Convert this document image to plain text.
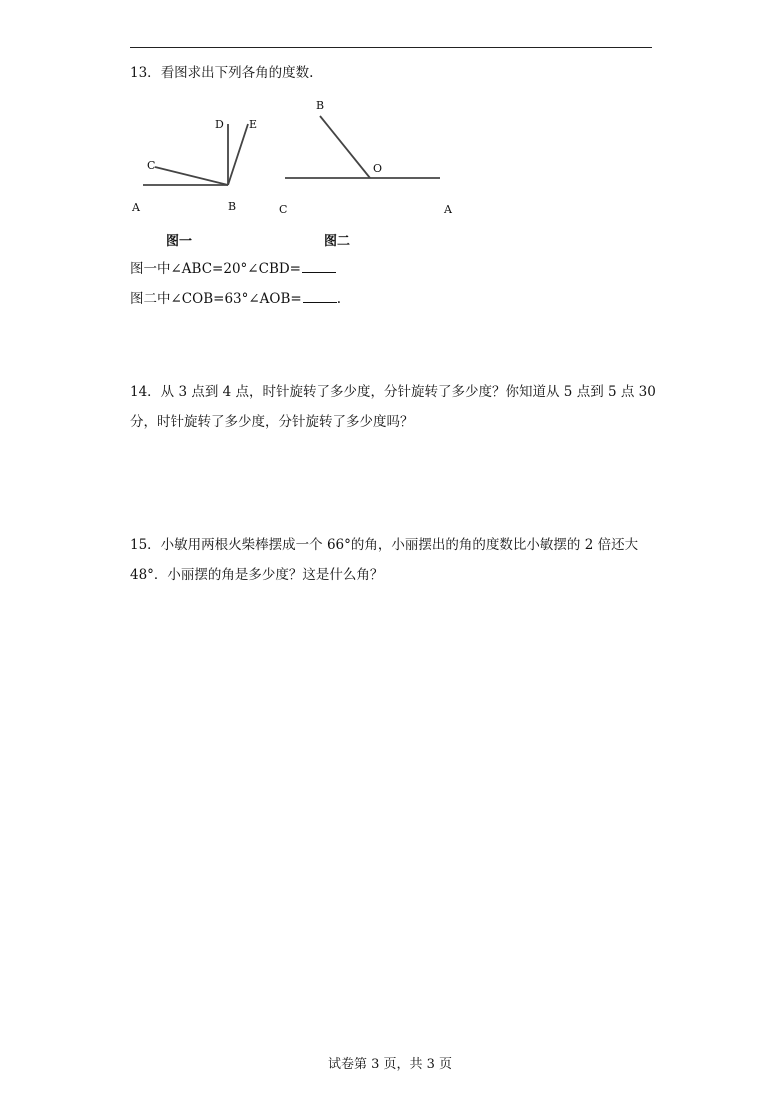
13．看图求出下列各角的度数.
D E
C
A	B
图一
B
O
C	A
图二
图一中∠ABC=20°∠CBD=
图二中∠COB=63°∠AOB=	.
14．从 3 点到 4 点，时针旋转了多少度，分针旋转了多少度？你知道从 5 点到 5 点 30
分，时针旋转了多少度，分针旋转了多少度吗？
15．小敏用两根火柴棒摆成一个 66°的角，小丽摆出的角的度数比小敏摆的 2 倍还大
48°．小丽摆的角是多少度？这是什么角？
试卷第 3 页，共 3 页
